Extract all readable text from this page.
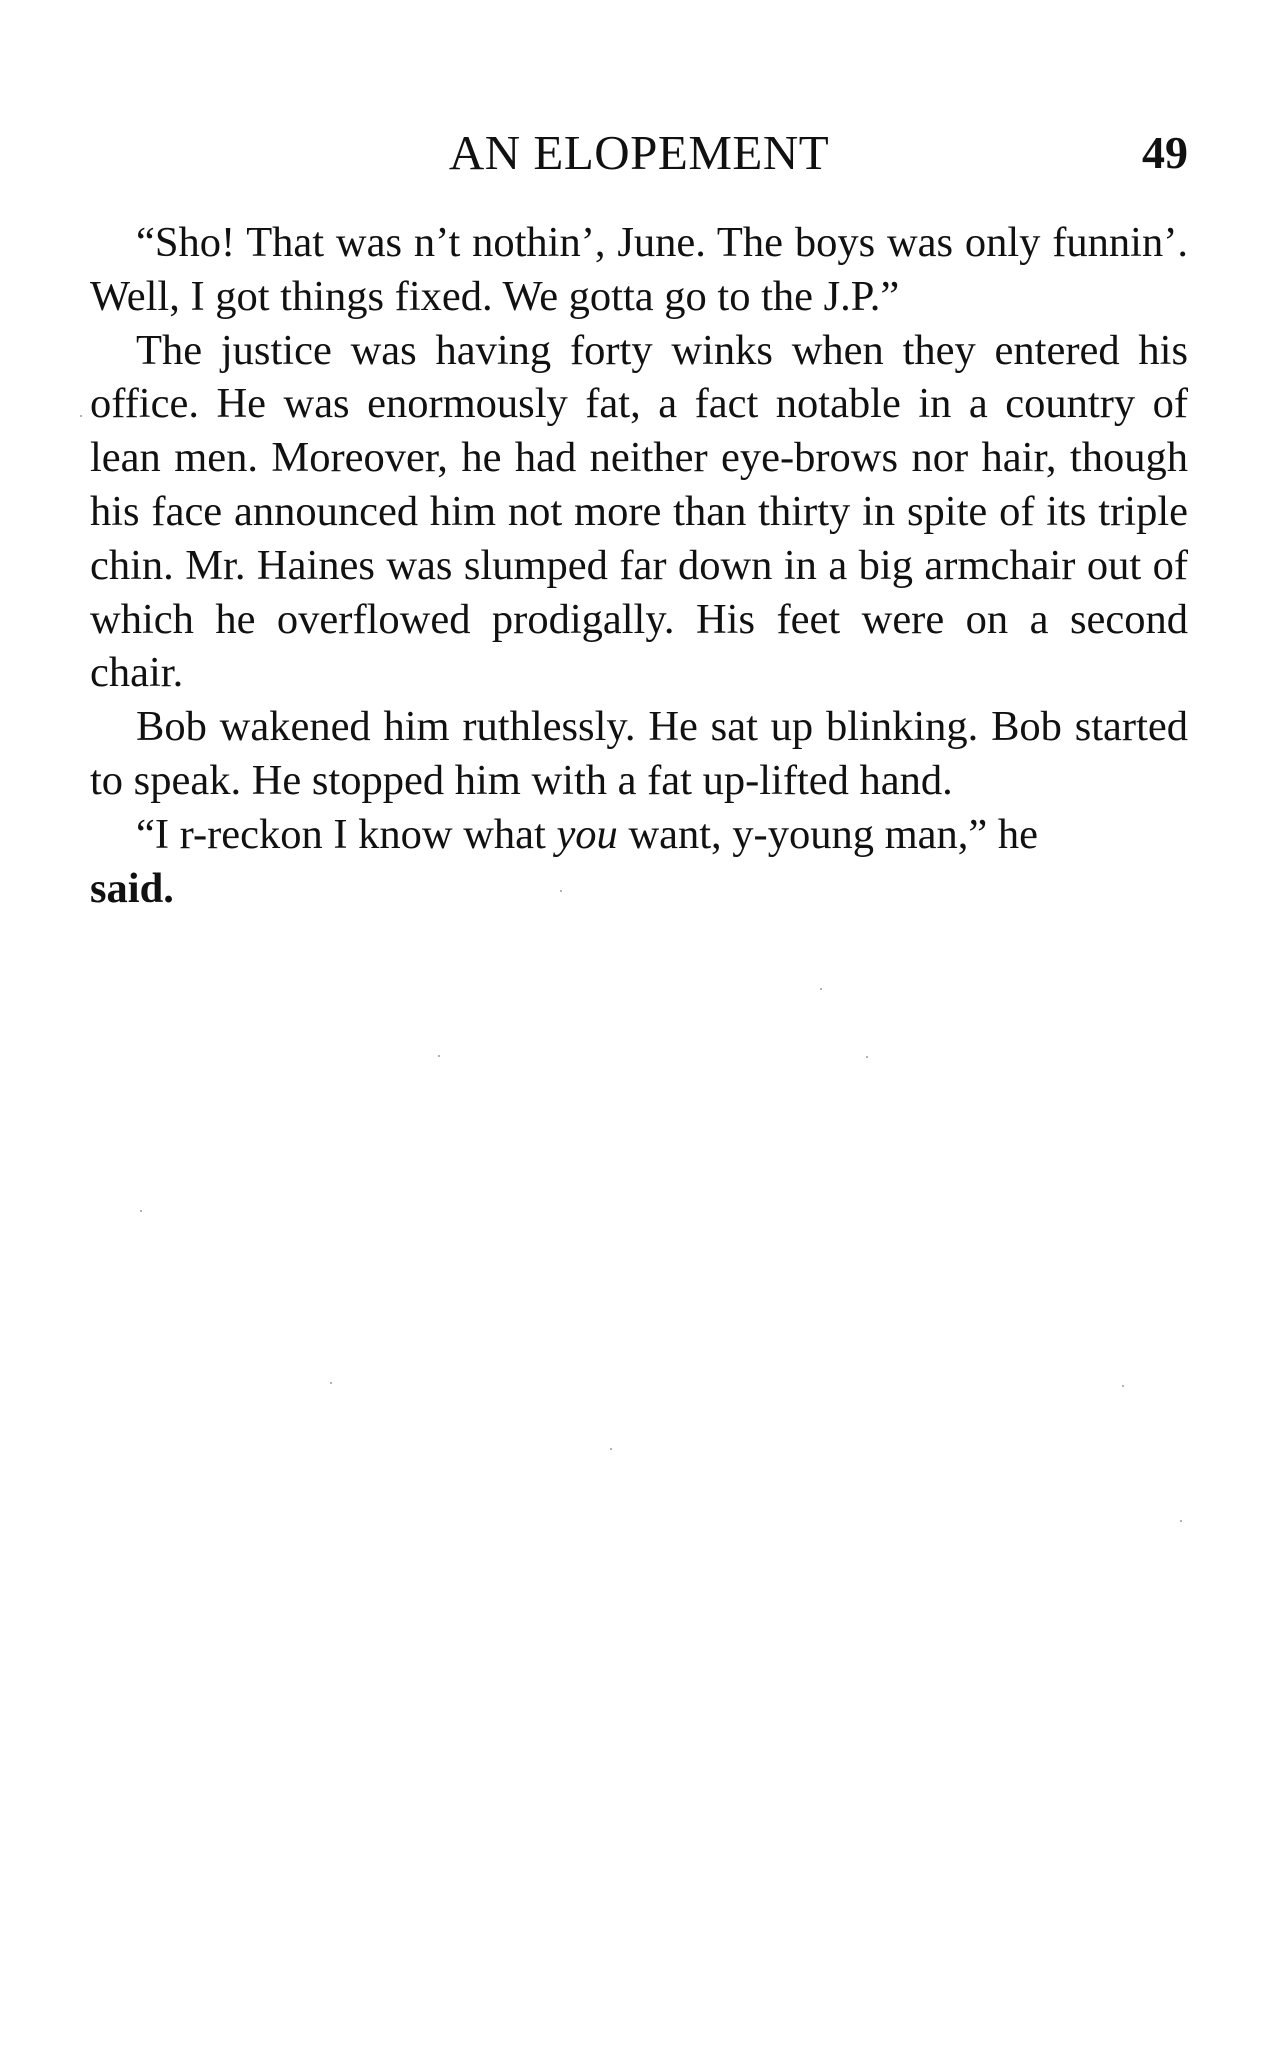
AN ELOPEMENT	49

“Sho! That was n’t nothin’, June. The boys was only funnin’. Well, I got things fixed. We gotta go to the J.P.”

The justice was having forty winks when they entered his office. He was enormously fat, a fact notable in a country of lean men. Moreover, he had neither eye-brows nor hair, though his face announced him not more than thirty in spite of its triple chin. Mr. Haines was slumped far down in a big armchair out of which he overflowed prodigally. His feet were on a second chair.

Bob wakened him ruthlessly. He sat up blinking. Bob started to speak. He stopped him with a fat up-lifted hand.

“I r-reckon I know what you want, y-young man,” he
said.
